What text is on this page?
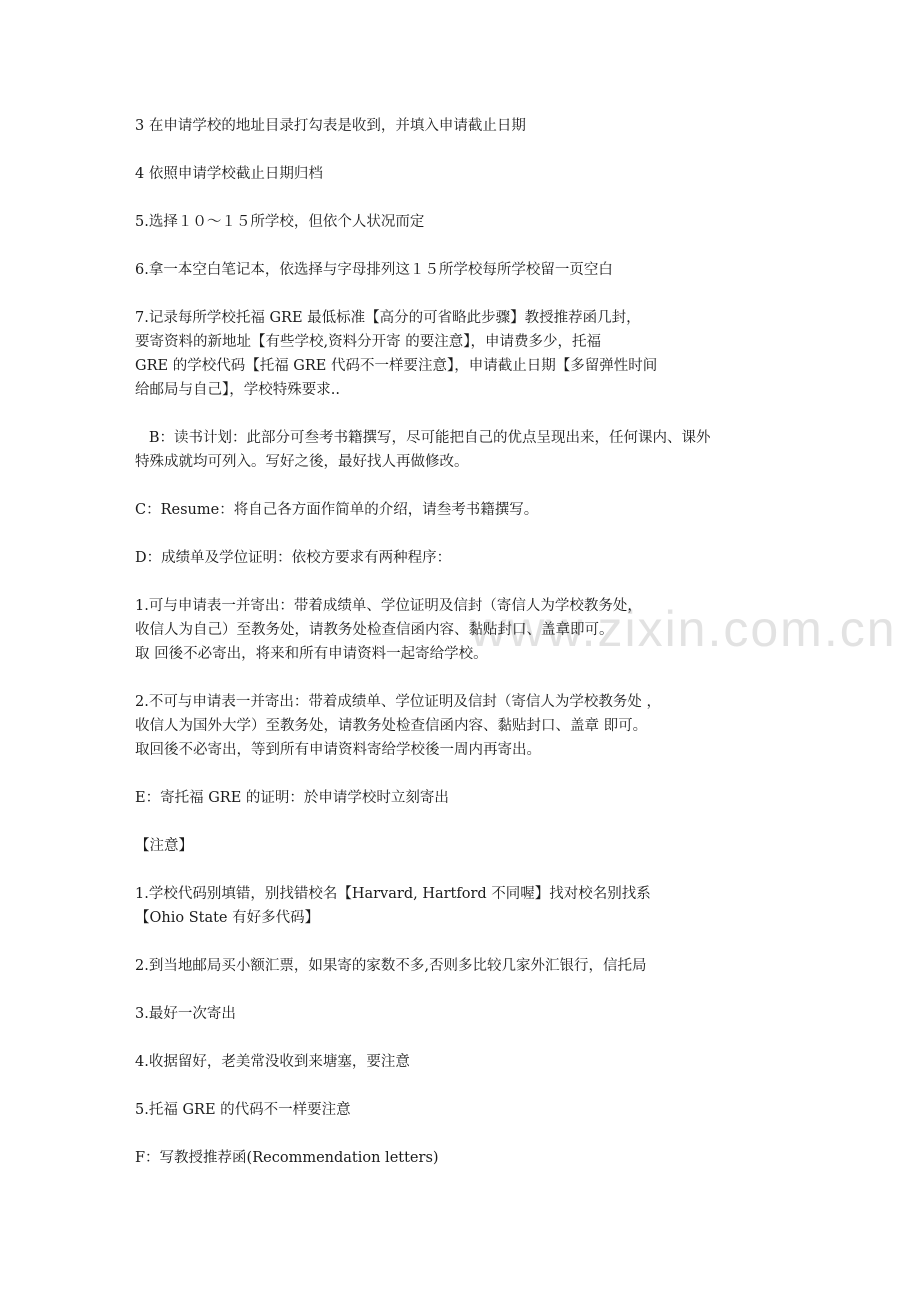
www.zixin.com.cn
3 在申请学校的地址目录打勾表是收到，并填入申请截止日期
4 依照申请学校截止日期归档
5.选择１０～１５所学校，但依个人状况而定
6.拿一本空白笔记本，依选择与字母排列这１５所学校每所学校留一页空白
7.记录每所学校托福 GRE 最低标准【高分的可省略此步骤】教授推荐函几封，
要寄资料的新地址【有些学校,资料分开寄 的要注意】，申请费多少，托福
GRE 的学校代码【托福 GRE 代码不一样要注意】，申请截止日期【多留弹性时间
给邮局与自己】，学校特殊要求..
B：读书计划：此部分可叁考书籍撰写，尽可能把自己的优点呈现出来，任何课内、课外
特殊成就均可列入。写好之後，最好找人再做修改。
C：Resume：将自己各方面作简单的介绍，请叁考书籍撰写。
D：成绩单及学位证明：依校方要求有两种程序：
1.可与申请表一并寄出：带着成绩单、学位证明及信封（寄信人为学校教务处，
收信人为自己）至教务处，请教务处检查信函内容、黏贴封口、盖章即可。
取 回後不必寄出，将来和所有申请资料一起寄给学校。
2.不可与申请表一并寄出：带着成绩单、学位证明及信封（寄信人为学校教务处 ，
收信人为国外大学）至教务处，请教务处检查信函内容、黏贴封口、盖章 即可。
取回後不必寄出，等到所有申请资料寄给学校後一周内再寄出。
E：寄托福 GRE 的证明：於申请学校时立刻寄出
【注意】
1.学校代码别填错，别找错校名【Harvard, Hartford 不同喔】找对校名别找系
【Ohio State 有好多代码】
2.到当地邮局买小额汇票，如果寄的家数不多,否则多比较几家外汇银行，信托局
3.最好一次寄出
4.收据留好，老美常没收到来塘塞，要注意
5.托福 GRE 的代码不一样要注意
F：写教授推荐函(Recommendation letters)
